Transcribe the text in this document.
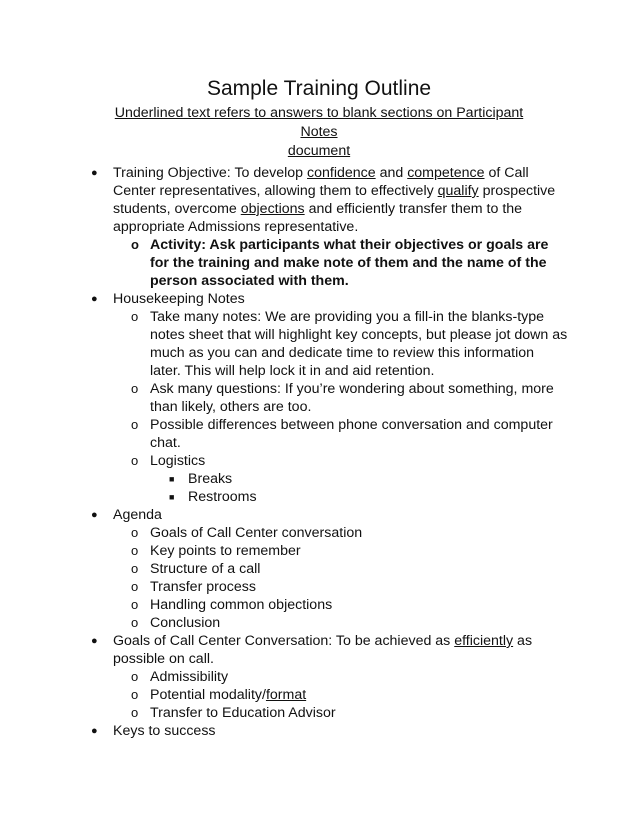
Sample Training Outline
Underlined text refers to answers to blank sections on Participant Notes
document

● Training Objective: To develop confidence and competence of Call Center representatives, allowing them to effectively qualify prospective students, overcome objections and efficiently transfer them to the appropriate Admissions representative.

o Activity: Ask participants what their objectives or goals are for the training and make note of them and the name of the person associated with them.

● Housekeeping Notes

o Take many notes: We are providing you a fill-in the blanks-type notes sheet that will highlight key concepts, but please jot down as much as you can and dedicate time to review this information later. This will help lock it in and aid retention.

o Ask many questions: If you’re wondering about something, more than likely, others are too.

o Possible differences between phone conversation and computer chat.

o Logistics

■ Breaks

■ Restrooms

● Agenda

o Goals of Call Center conversation

o Key points to remember

o Structure of a call

o Transfer process

o Handling common objections

o Conclusion

● Goals of Call Center Conversation: To be achieved as efficiently as possible on call.

o Admissibility

o Potential modality/format

o Transfer to Education Advisor

● Keys to success
